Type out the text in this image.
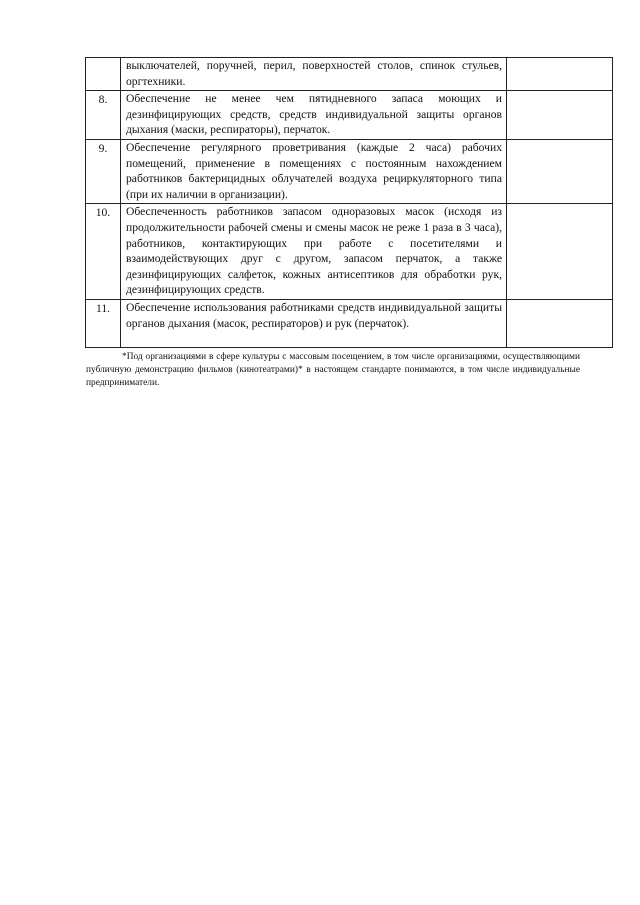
	выключателей, поручней, перил, поверхностей столов, спинок стульев, оргтехники.	

8.	Обеспечение не менее чем пятидневного запаса моющих и дезинфицирующих средств, средств индивидуальной защиты органов дыхания (маски, респираторы), перчаток.	

9.	Обеспечение регулярного проветривания (каждые 2 часа) рабочих помещений, применение в помещениях с постоянным нахождением работников бактерицидных облучателей воздуха рециркуляторного типа (при их наличии в организации).	

10.	Обеспеченность работников запасом одноразовых масок (исходя из продолжительности рабочей смены и смены масок не реже 1 раза в 3 часа), работников, контактирующих при работе с посетителями и взаимодействующих друг с другом, запасом перчаток, а также дезинфицирующих салфеток, кожных антисептиков для обработки рук, дезинфицирующих средств.	

11.	Обеспечение использования работниками средств индивидуальной защиты органов дыхания (масок, респираторов) и рук (перчаток).	

*Под организациями в сфере культуры с массовым посещением, в том числе организациями, осуществляющими публичную демонстрацию фильмов (кинотеатрами)* в настоящем стандарте понимаются, в том числе индивидуальные предприниматели.
